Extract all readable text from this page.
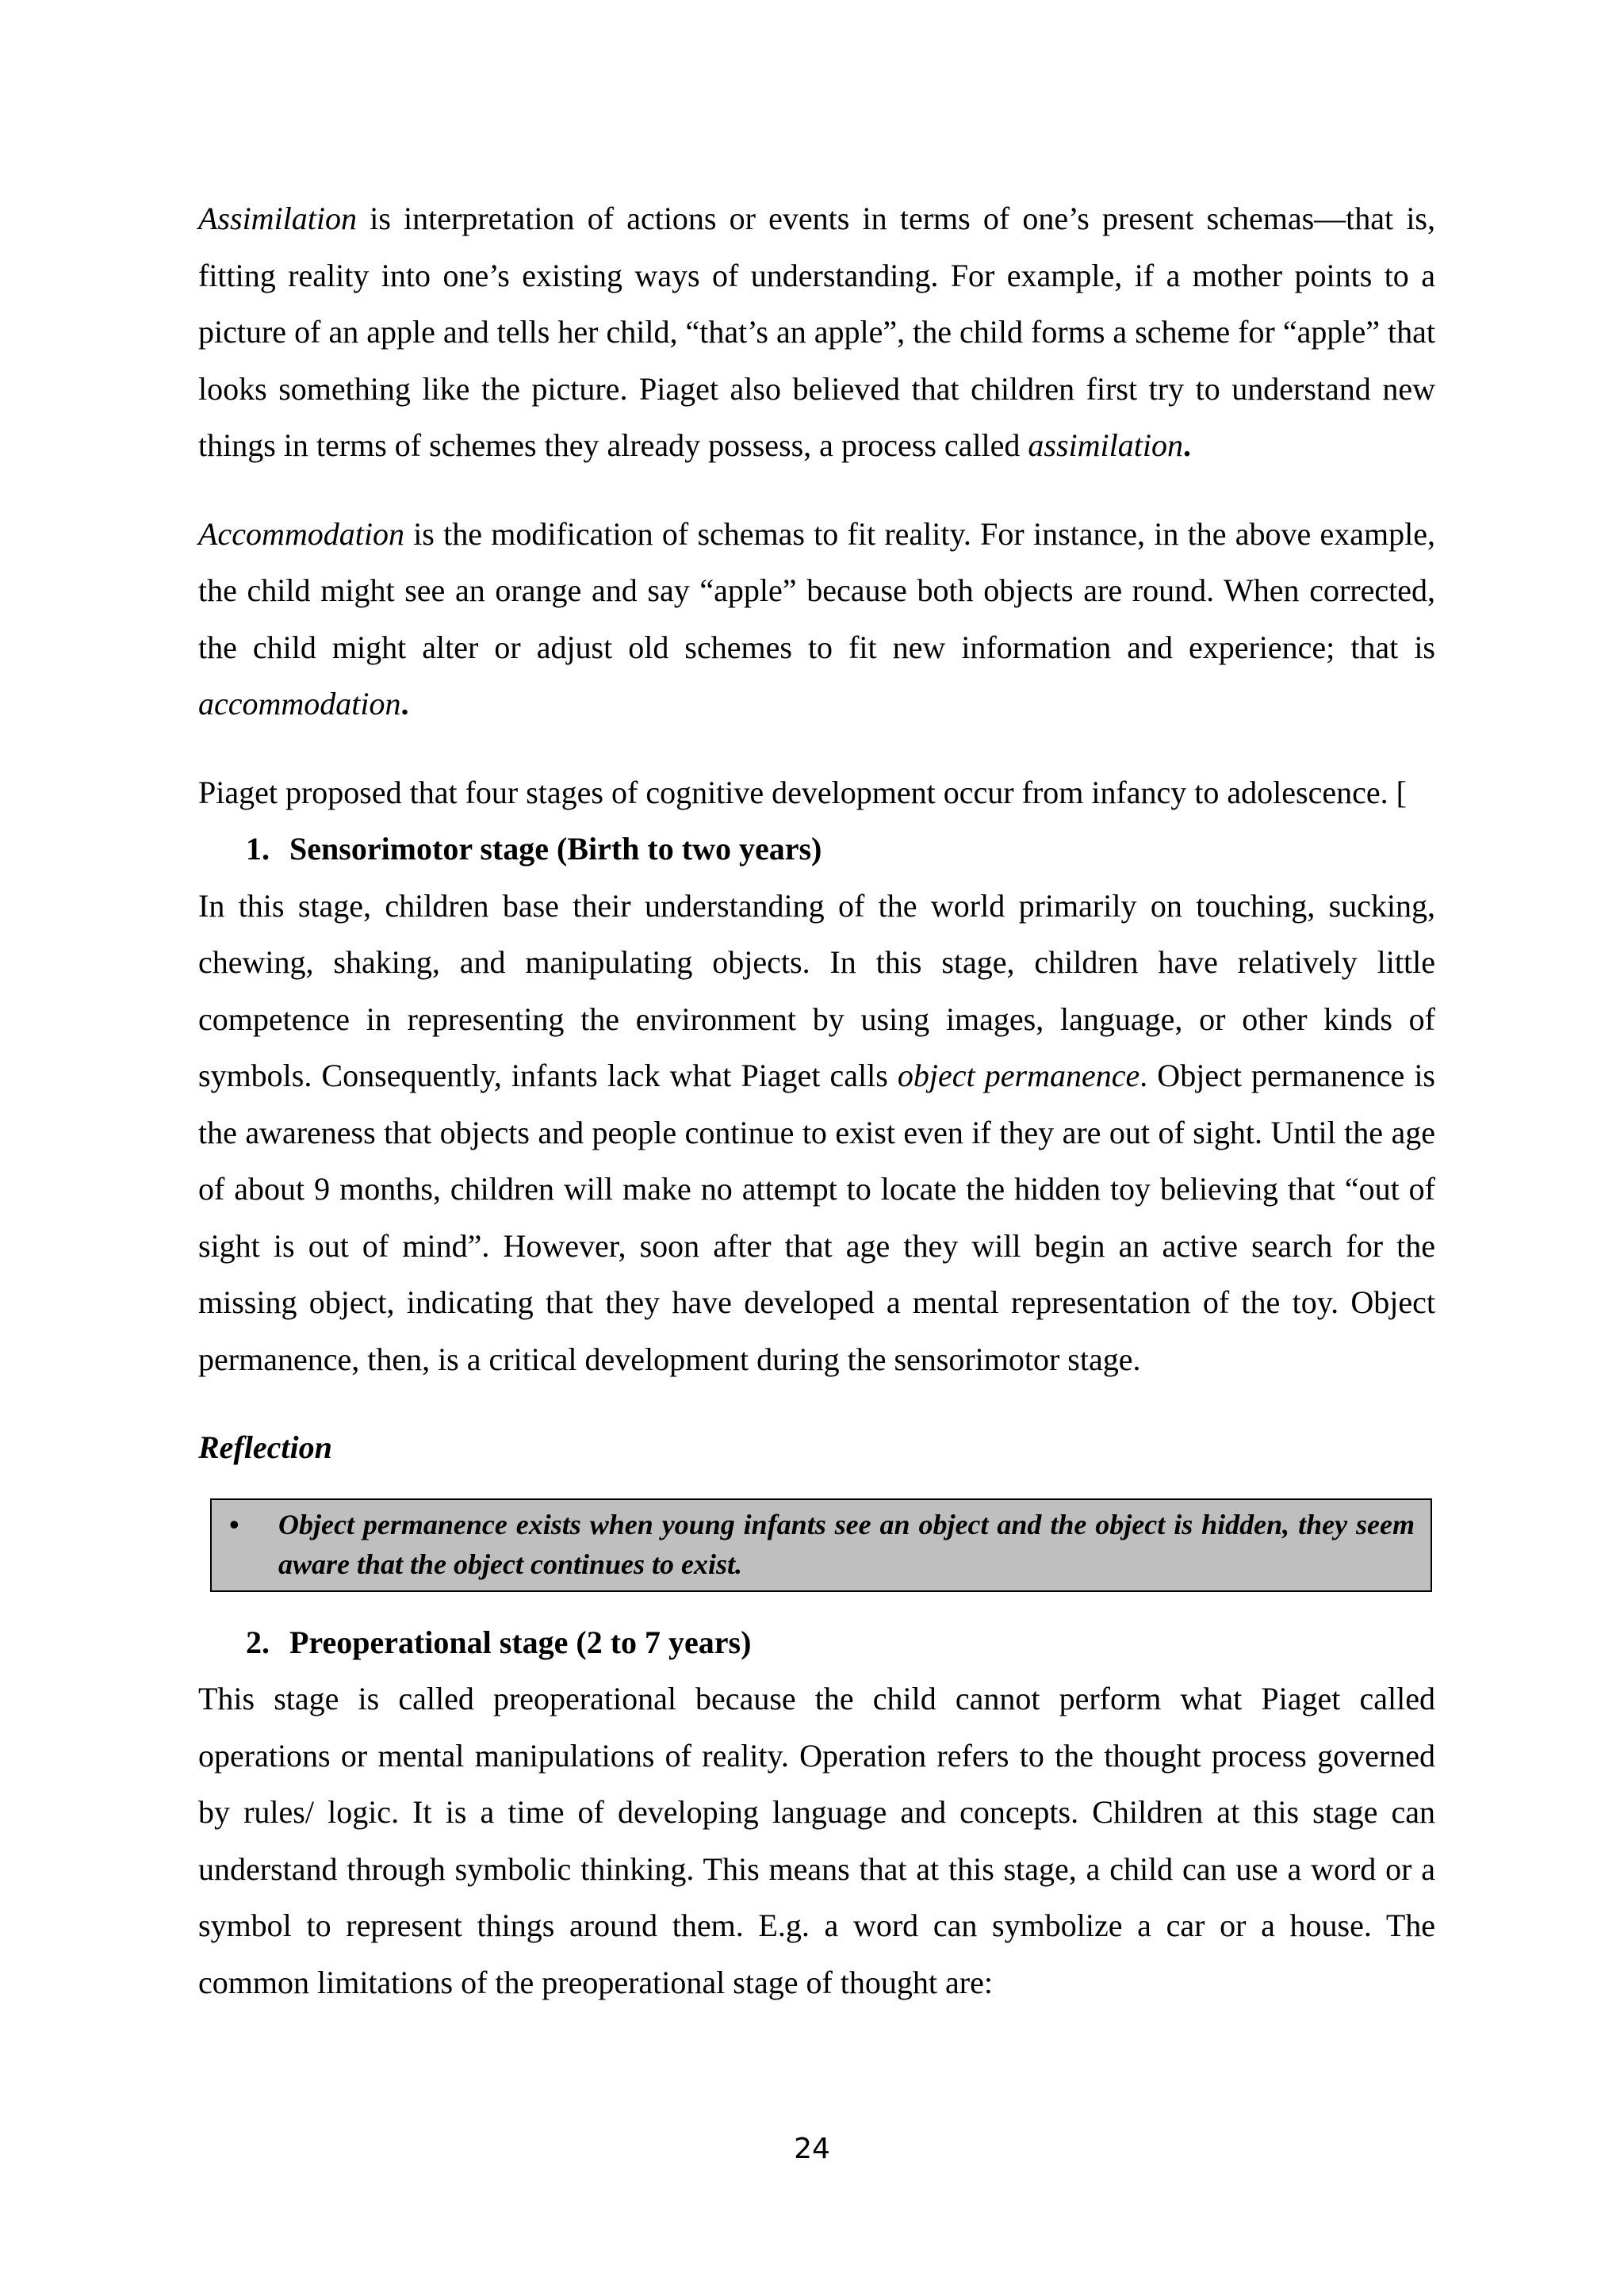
Assimilation is interpretation of actions or events in terms of one’s present schemas—that is, fitting reality into one’s existing ways of understanding. For example, if a mother points to a picture of an apple and tells her child, “that’s an apple”, the child forms a scheme for “apple” that looks something like the picture. Piaget also believed that children first try to understand new things in terms of schemes they already possess, a process called assimilation.

Accommodation is the modification of schemas to fit reality. For instance, in the above example, the child might see an orange and say “apple” because both objects are round. When corrected, the child might alter or adjust old schemes to fit new information and experience; that is accommodation.

Piaget proposed that four stages of cognitive development occur from infancy to adolescence. [

1. Sensorimotor stage (Birth to two years)

In this stage, children base their understanding of the world primarily on touching, sucking, chewing, shaking, and manipulating objects. In this stage, children have relatively little competence in representing the environment by using images, language, or other kinds of symbols. Consequently, infants lack what Piaget calls object permanence. Object permanence is the awareness that objects and people continue to exist even if they are out of sight. Until the age of about 9 months, children will make no attempt to locate the hidden toy believing that “out of sight is out of mind”. However, soon after that age they will begin an active search for the missing object, indicating that they have developed a mental representation of the toy. Object permanence, then, is a critical development during the sensorimotor stage.

Reflection

• Object permanence exists when young infants see an object and the object is hidden, they seem aware that the object continues to exist.

2. Preoperational stage (2 to 7 years)

This stage is called preoperational because the child cannot perform what Piaget called operations or mental manipulations of reality. Operation refers to the thought process governed by rules/ logic. It is a time of developing language and concepts. Children at this stage can understand through symbolic thinking. This means that at this stage, a child can use a word or a symbol to represent things around them. E.g. a word can symbolize a car or a house. The common limitations of the preoperational stage of thought are:

24
